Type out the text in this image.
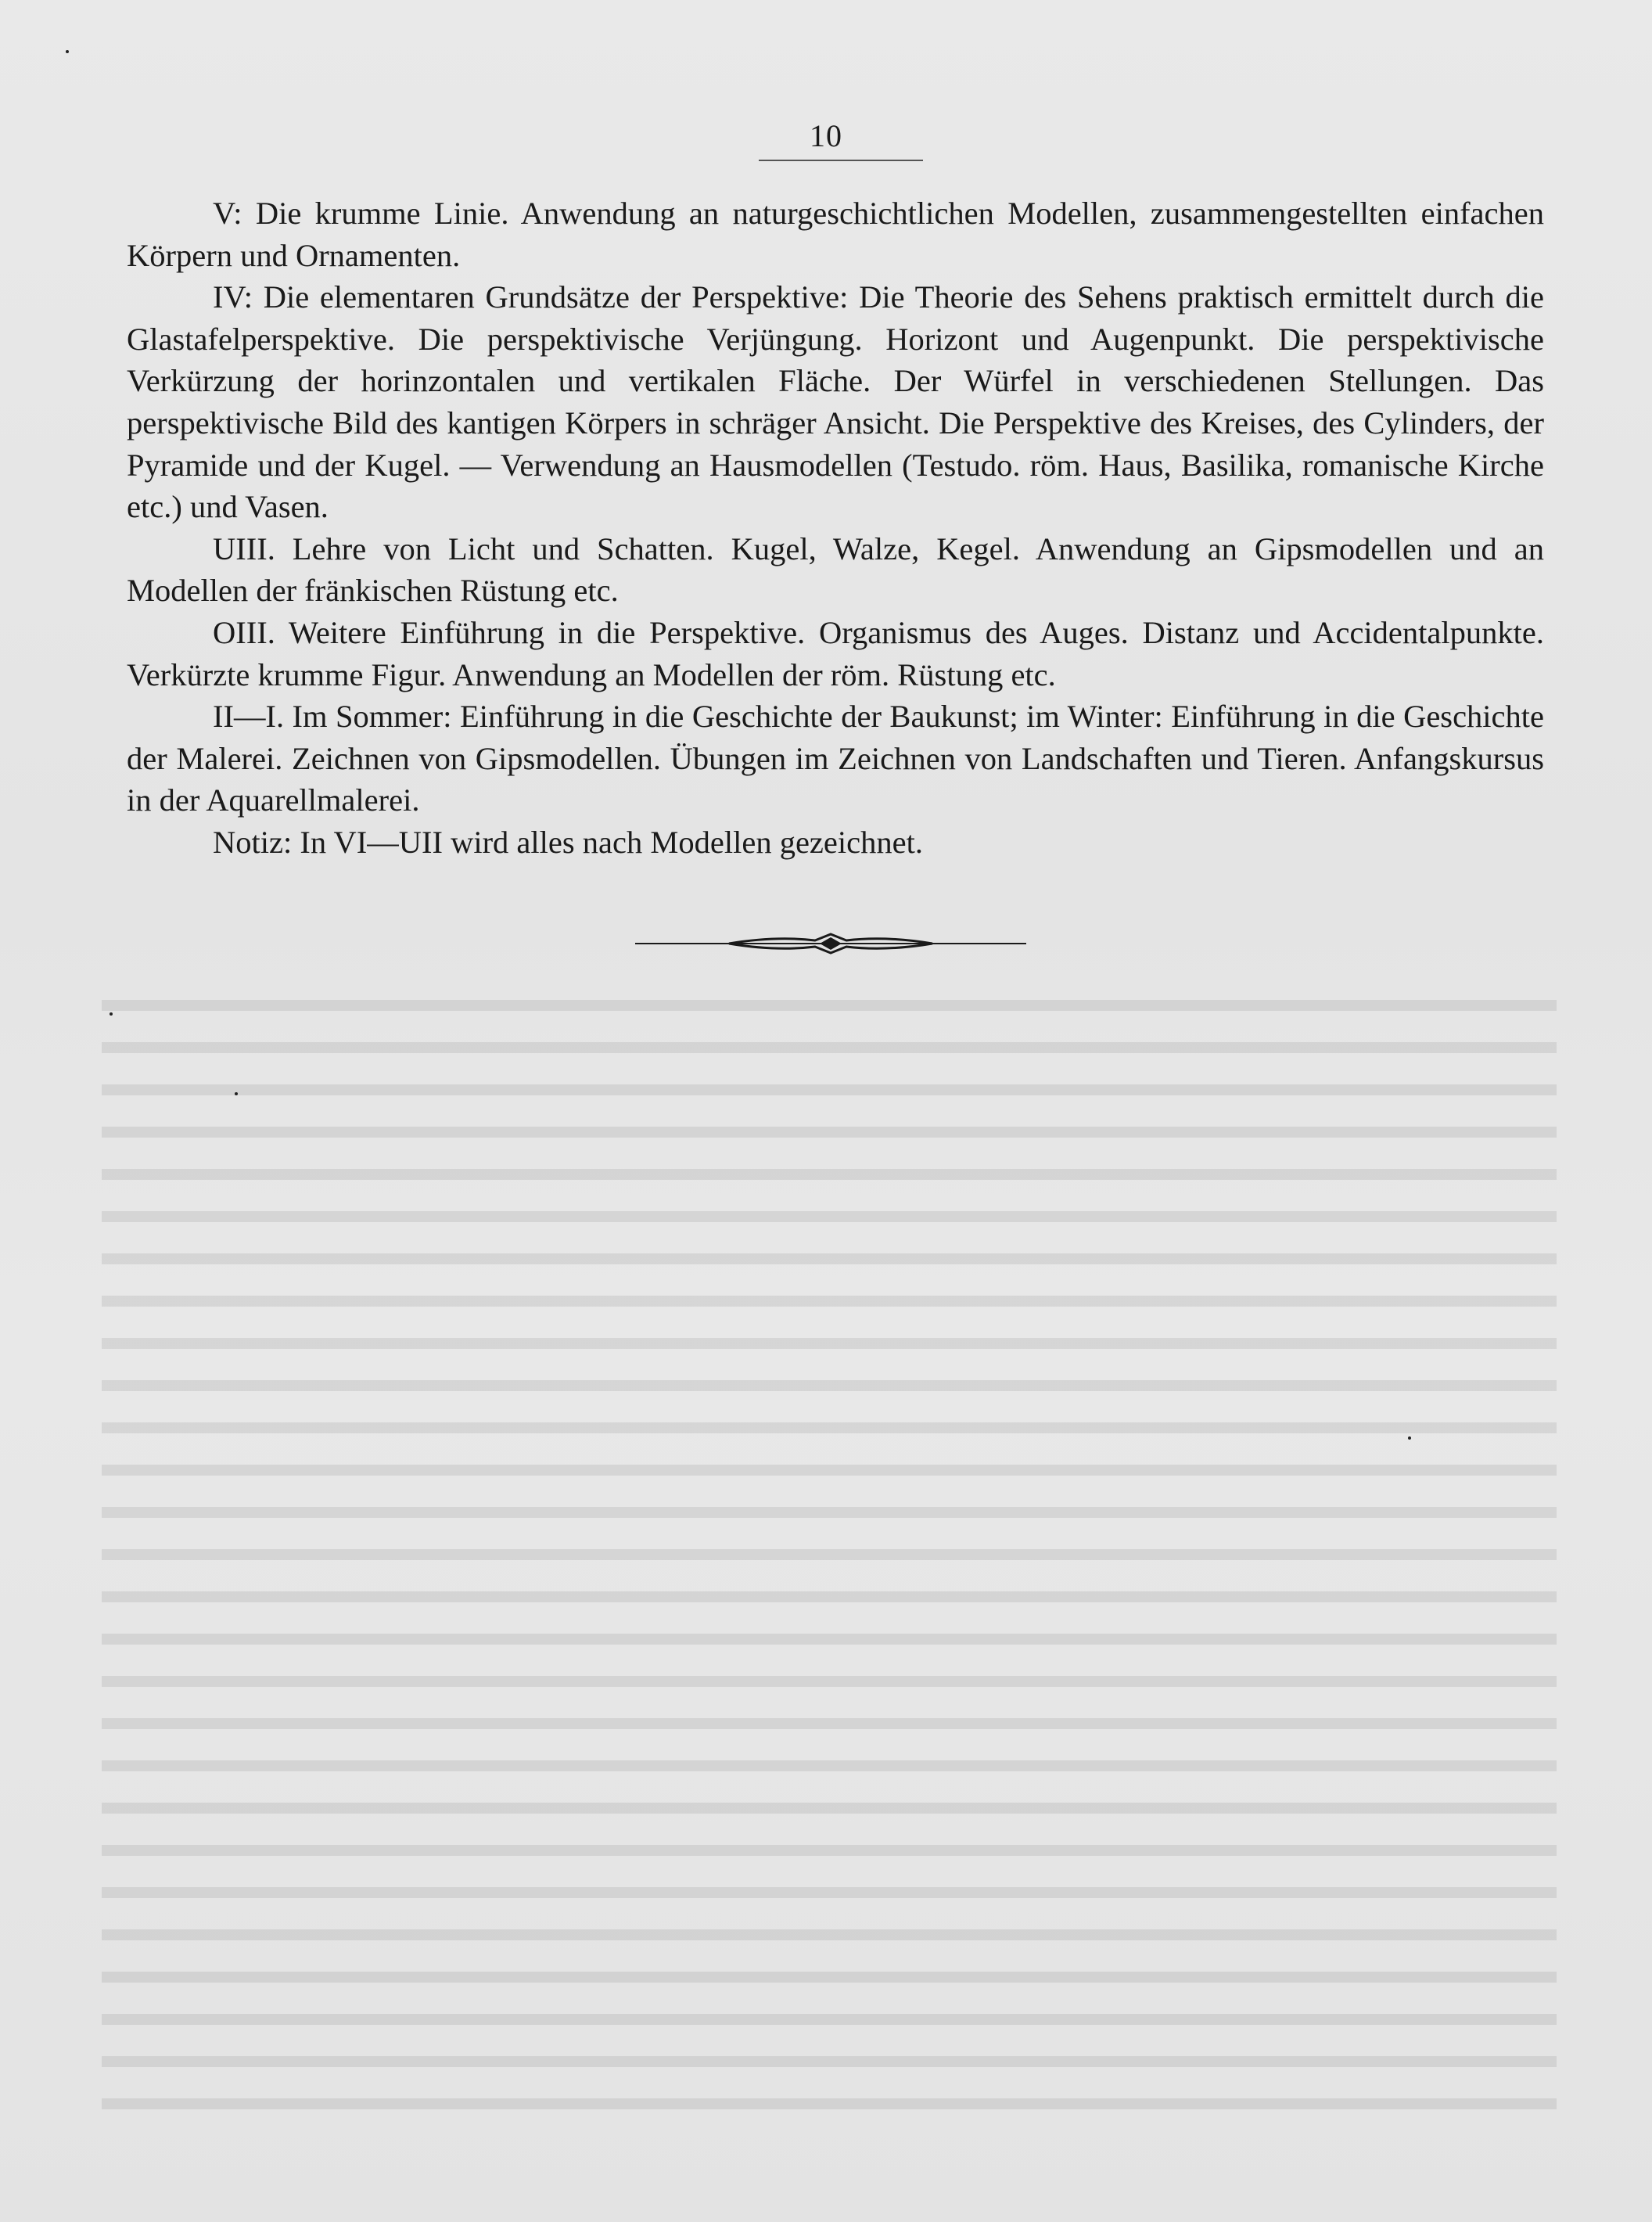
10

V: Die krumme Linie. Anwendung an naturgeschichtlichen Modellen, zusammengestellten einfachen Körpern und Ornamenten.

IV: Die elementaren Grundsätze der Perspektive: Die Theorie des Sehens praktisch ermittelt durch die Glastafelperspektive. Die perspektivische Verjüngung. Horizont und Augenpunkt. Die perspektivische Verkürzung der horinzontalen und vertikalen Fläche. Der Würfel in verschiedenen Stellungen. Das perspektivische Bild des kantigen Körpers in schräger Ansicht. Die Perspektive des Kreises, des Cylinders, der Pyramide und der Kugel. — Verwendung an Hausmodellen (Testudo. röm. Haus, Basilika, romanische Kirche etc.) und Vasen.

UIII. Lehre von Licht und Schatten. Kugel, Walze, Kegel. Anwendung an Gipsmodellen und an Modellen der fränkischen Rüstung etc.

OIII. Weitere Einführung in die Perspektive. Organismus des Auges. Distanz und Accidentalpunkte. Verkürzte krumme Figur. Anwendung an Modellen der röm. Rüstung etc.

II—I. Im Sommer: Einführung in die Geschichte der Baukunst; im Winter: Einführung in die Geschichte der Malerei. Zeichnen von Gipsmodellen. Übungen im Zeichnen von Landschaften und Tieren. Anfangskursus in der Aquarellmalerei.

Notiz: In VI—UII wird alles nach Modellen gezeichnet.
